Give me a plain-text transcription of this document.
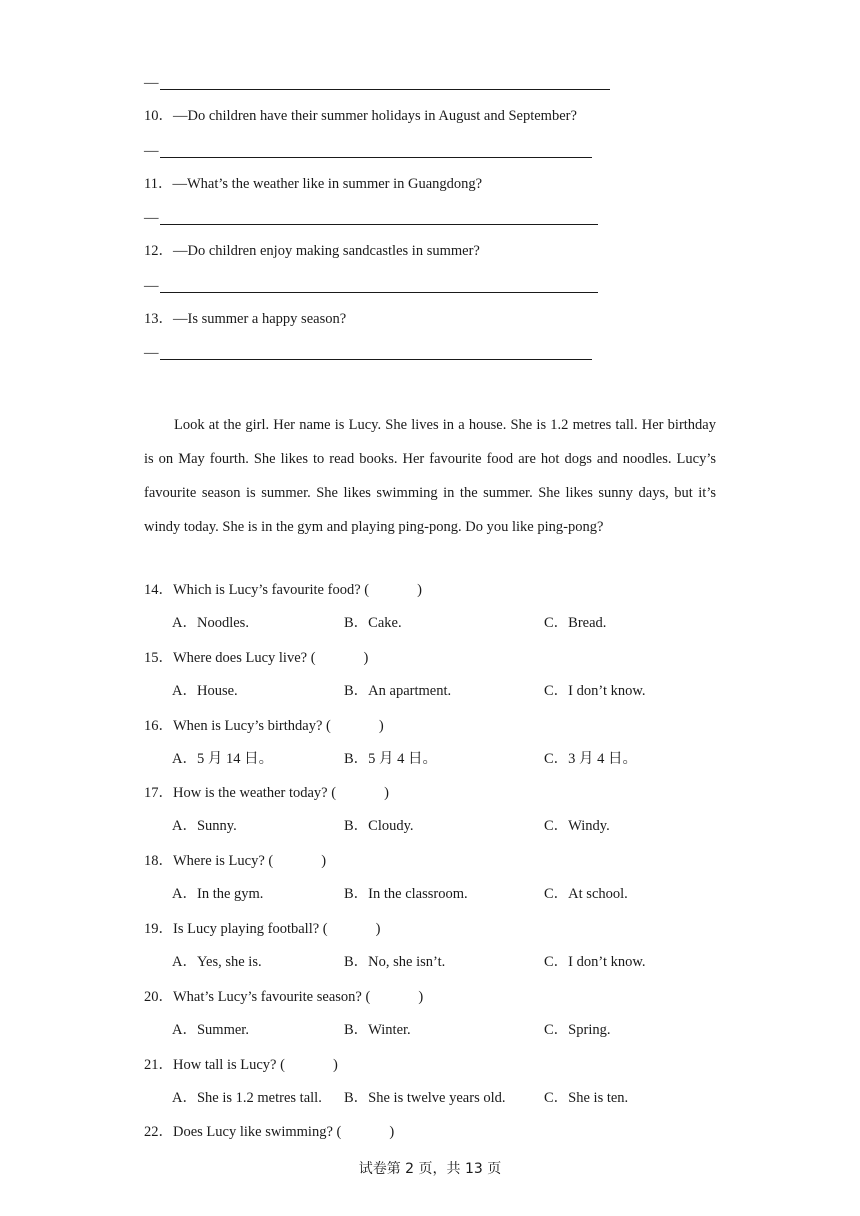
—
10．—Do children have their summer holidays in August and September?
—
11．—What’s the weather like in summer in Guangdong?
—
12．—Do children enjoy making sandcastles in summer?
—
13．—Is summer a happy season?
—
Look at the girl. Her name is Lucy. She lives in a house. She is 1.2 metres tall. Her birthday is on May fourth. She likes to read books. Her favourite food are hot dogs and noodles. Lucy’s favourite season is summer. She likes swimming in the summer. She likes sunny days, but it’s windy today. She is in the gym and playing ping-pong. Do you like ping-pong?
14．Which is Lucy’s favourite food? (	)
A．Noodles.	B．Cake.	C．Bread.
15．Where does Lucy live? (	)
A．House.	B．An apartment.	C．I don’t know.
16．When is Lucy’s birthday? (	)
A．5 月 14 日。	B．5 月 4 日。	C．3 月 4 日。
17．How is the weather today? (	)
A．Sunny.	B．Cloudy.	C．Windy.
18．Where is Lucy? (	)
A．In the gym.	B．In the classroom.	C．At school.
19．Is Lucy playing football? (	)
A．Yes, she is.	B．No, she isn’t.	C．I don’t know.
20．What’s Lucy’s favourite season? (	)
A．Summer.	B．Winter.	C．Spring.
21．How tall is Lucy? (	)
A．She is 1.2 metres tall. B．She is twelve years old.	C．She is ten.
22．Does Lucy like swimming? (	)
试卷第 2 页，共 13 页
